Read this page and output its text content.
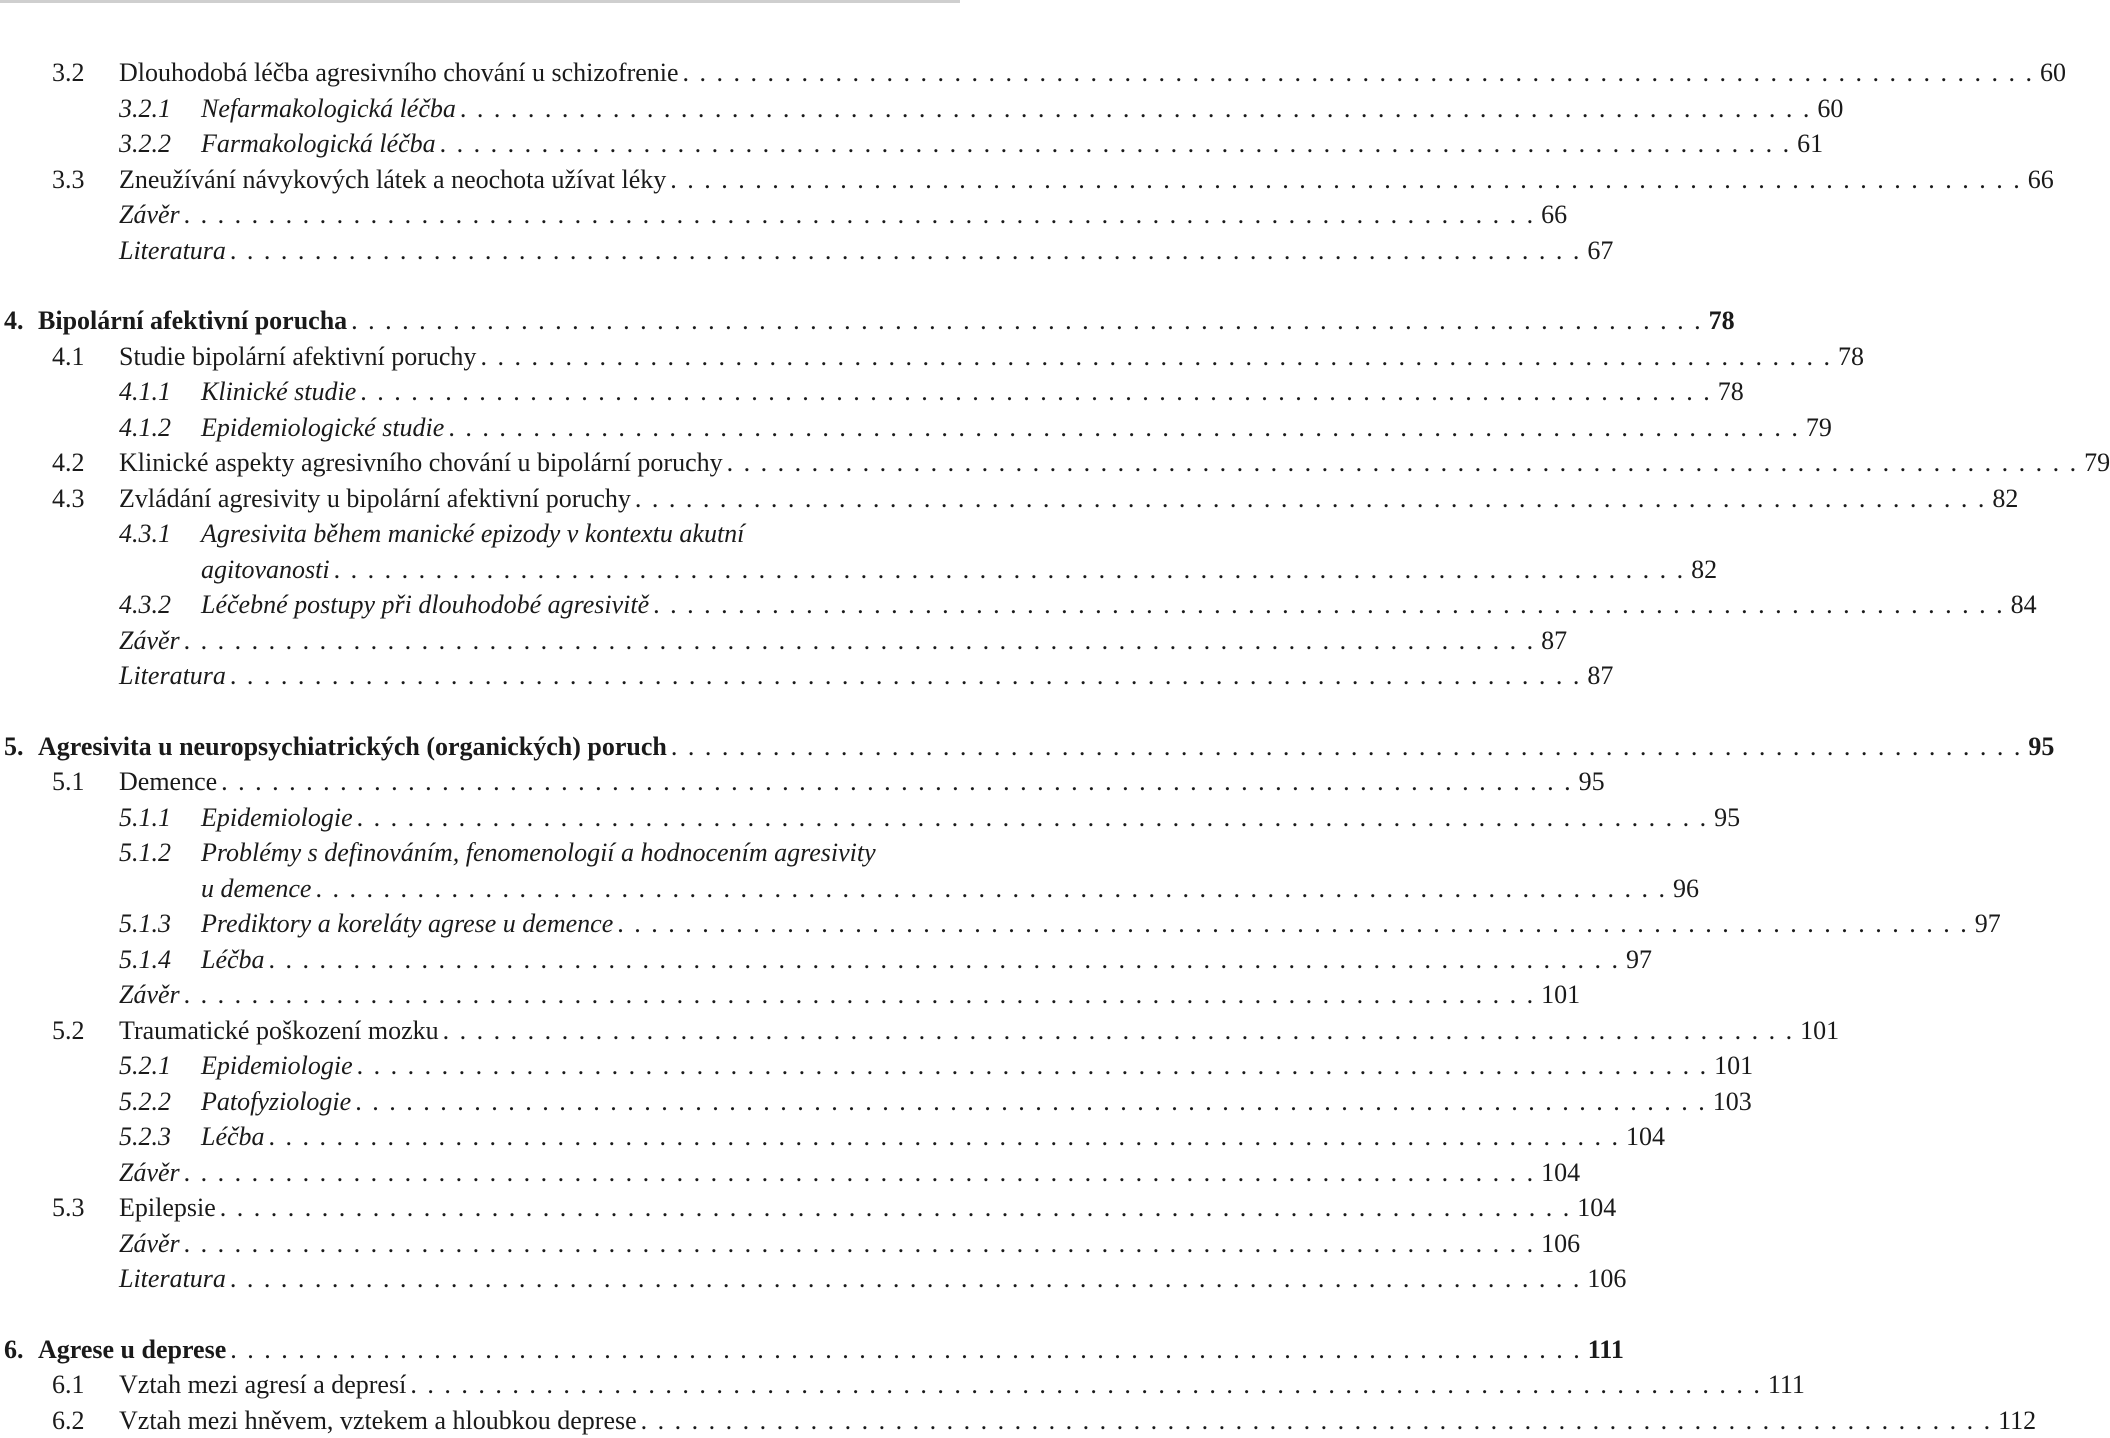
3.2 Dlouhodobá léčba agresivního chování u schizofrenie . . . . . . . . . . . . . . . . . . . . . . . . . . . . . . . . . . . . . . . . . . . . . . . . . . . . . . . . . . . . . . . . . . . . . . . . . . . . . . . . 60
3.2.1 Nefarmakologická léčba . . . . . . . . . . . . . . . . . . . . . . . . . . . . . . . . . . . . . . . . . . . . . . . . . . . . . . . . . . . . . . . . . . . . . . . . . . . . . . . . 60
3.2.2 Farmakologická léčba . . . . . . . . . . . . . . . . . . . . . . . . . . . . . . . . . . . . . . . . . . . . . . . . . . . . . . . . . . . . . . . . . . . . . . . . . . . . . . . . 61
3.3 Zneužívání návykových látek a neochota užívat léky . . . . . . . . . . . . . . . . . . . . . . . . . . . . . . . . . . . . . . . . . . . . . . . . . . . . . . . . . . . . . . . . . . . . . . . . . . . . . . . . 66
Závěr . . . . . . . . . . . . . . . . . . . . . . . . . . . . . . . . . . . . . . . . . . . . . . . . . . . . . . . . . . . . . . . . . . . . . . . . . . . . . . . . 66
Literatura . . . . . . . . . . . . . . . . . . . . . . . . . . . . . . . . . . . . . . . . . . . . . . . . . . . . . . . . . . . . . . . . . . . . . . . . . . . . . . . . 67
4. Bipolární afektivní porucha . . . . . . . . . . . . . . . . . . . . . . . . . . . . . . . . . . . . . . . . . . . . . . . . . . . . . . . . . . . . . . . . . . . . . . . . . . . . . . . . 78
4.1 Studie bipolární afektivní poruchy . . . . . . . . . . . . . . . . . . . . . . . . . . . . . . . . . . . . . . . . . . . . . . . . . . . . . . . . . . . . . . . . . . . . . . . . . . . . . . . . 78
4.1.1 Klinické studie . . . . . . . . . . . . . . . . . . . . . . . . . . . . . . . . . . . . . . . . . . . . . . . . . . . . . . . . . . . . . . . . . . . . . . . . . . . . . . . . 78
4.1.2 Epidemiologické studie . . . . . . . . . . . . . . . . . . . . . . . . . . . . . . . . . . . . . . . . . . . . . . . . . . . . . . . . . . . . . . . . . . . . . . . . . . . . . . . . 79
4.2 Klinické aspekty agresivního chování u bipolární poruchy . . . . . . . . . . . . . . . . . . . . . . . . . . . . . . . . . . . . . . . . . . . . . . . . . . . . . . . . . . . . . . . . . . . . . . . . . . . . . . . . 79
4.3 Zvládání agresivity u bipolární afektivní poruchy . . . . . . . . . . . . . . . . . . . . . . . . . . . . . . . . . . . . . . . . . . . . . . . . . . . . . . . . . . . . . . . . . . . . . . . . . . . . . . . . 82
4.3.1 Agresivita během manické epizody v kontextu akutní
agitovanosti . . . . . . . . . . . . . . . . . . . . . . . . . . . . . . . . . . . . . . . . . . . . . . . . . . . . . . . . . . . . . . . . . . . . . . . . . . . . . . . . 82
4.3.2 Léčebné postupy při dlouhodobé agresivitě . . . . . . . . . . . . . . . . . . . . . . . . . . . . . . . . . . . . . . . . . . . . . . . . . . . . . . . . . . . . . . . . . . . . . . . . . . . . . . . . 84
Závěr . . . . . . . . . . . . . . . . . . . . . . . . . . . . . . . . . . . . . . . . . . . . . . . . . . . . . . . . . . . . . . . . . . . . . . . . . . . . . . . . 87
Literatura . . . . . . . . . . . . . . . . . . . . . . . . . . . . . . . . . . . . . . . . . . . . . . . . . . . . . . . . . . . . . . . . . . . . . . . . . . . . . . . . 87
5. Agresivita u neuropsychiatrických (organických) poruch . . . . . . . . . . . . . . . . . . . . . . . . . . . . . . . . . . . . . . . . . . . . . . . . . . . . . . . . . . . . . . . . . . . . . . . . . . . . . . . . 95
5.1 Demence . . . . . . . . . . . . . . . . . . . . . . . . . . . . . . . . . . . . . . . . . . . . . . . . . . . . . . . . . . . . . . . . . . . . . . . . . . . . . . . . 95
5.1.1 Epidemiologie . . . . . . . . . . . . . . . . . . . . . . . . . . . . . . . . . . . . . . . . . . . . . . . . . . . . . . . . . . . . . . . . . . . . . . . . . . . . . . . . 95
5.1.2 Problémy s definováním, fenomenologií a hodnocením agresivity
u demence . . . . . . . . . . . . . . . . . . . . . . . . . . . . . . . . . . . . . . . . . . . . . . . . . . . . . . . . . . . . . . . . . . . . . . . . . . . . . . . . 96
5.1.3 Prediktory a koreláty agrese u demence . . . . . . . . . . . . . . . . . . . . . . . . . . . . . . . . . . . . . . . . . . . . . . . . . . . . . . . . . . . . . . . . . . . . . . . . . . . . . . . . 97
5.1.4 Léčba . . . . . . . . . . . . . . . . . . . . . . . . . . . . . . . . . . . . . . . . . . . . . . . . . . . . . . . . . . . . . . . . . . . . . . . . . . . . . . . . 97
Závěr . . . . . . . . . . . . . . . . . . . . . . . . . . . . . . . . . . . . . . . . . . . . . . . . . . . . . . . . . . . . . . . . . . . . . . . . . . . . . . . . 101
5.2 Traumatické poškození mozku . . . . . . . . . . . . . . . . . . . . . . . . . . . . . . . . . . . . . . . . . . . . . . . . . . . . . . . . . . . . . . . . . . . . . . . . . . . . . . . . 101
5.2.1 Epidemiologie . . . . . . . . . . . . . . . . . . . . . . . . . . . . . . . . . . . . . . . . . . . . . . . . . . . . . . . . . . . . . . . . . . . . . . . . . . . . . . . . 101
5.2.2 Patofyziologie . . . . . . . . . . . . . . . . . . . . . . . . . . . . . . . . . . . . . . . . . . . . . . . . . . . . . . . . . . . . . . . . . . . . . . . . . . . . . . . . 103
5.2.3 Léčba . . . . . . . . . . . . . . . . . . . . . . . . . . . . . . . . . . . . . . . . . . . . . . . . . . . . . . . . . . . . . . . . . . . . . . . . . . . . . . . . 104
Závěr . . . . . . . . . . . . . . . . . . . . . . . . . . . . . . . . . . . . . . . . . . . . . . . . . . . . . . . . . . . . . . . . . . . . . . . . . . . . . . . . 104
5.3 Epilepsie . . . . . . . . . . . . . . . . . . . . . . . . . . . . . . . . . . . . . . . . . . . . . . . . . . . . . . . . . . . . . . . . . . . . . . . . . . . . . . . . 104
Závěr . . . . . . . . . . . . . . . . . . . . . . . . . . . . . . . . . . . . . . . . . . . . . . . . . . . . . . . . . . . . . . . . . . . . . . . . . . . . . . . . 106
Literatura . . . . . . . . . . . . . . . . . . . . . . . . . . . . . . . . . . . . . . . . . . . . . . . . . . . . . . . . . . . . . . . . . . . . . . . . . . . . . . . . 106
6. Agrese u deprese . . . . . . . . . . . . . . . . . . . . . . . . . . . . . . . . . . . . . . . . . . . . . . . . . . . . . . . . . . . . . . . . . . . . . . . . . . . . . . . . 111
6.1 Vztah mezi agresí a depresí . . . . . . . . . . . . . . . . . . . . . . . . . . . . . . . . . . . . . . . . . . . . . . . . . . . . . . . . . . . . . . . . . . . . . . . . . . . . . . . . 111
6.2 Vztah mezi hněvem, vztekem a hloubkou deprese . . . . . . . . . . . . . . . . . . . . . . . . . . . . . . . . . . . . . . . . . . . . . . . . . . . . . . . . . . . . . . . . . . . . . . . . . . . . . . . . 112
